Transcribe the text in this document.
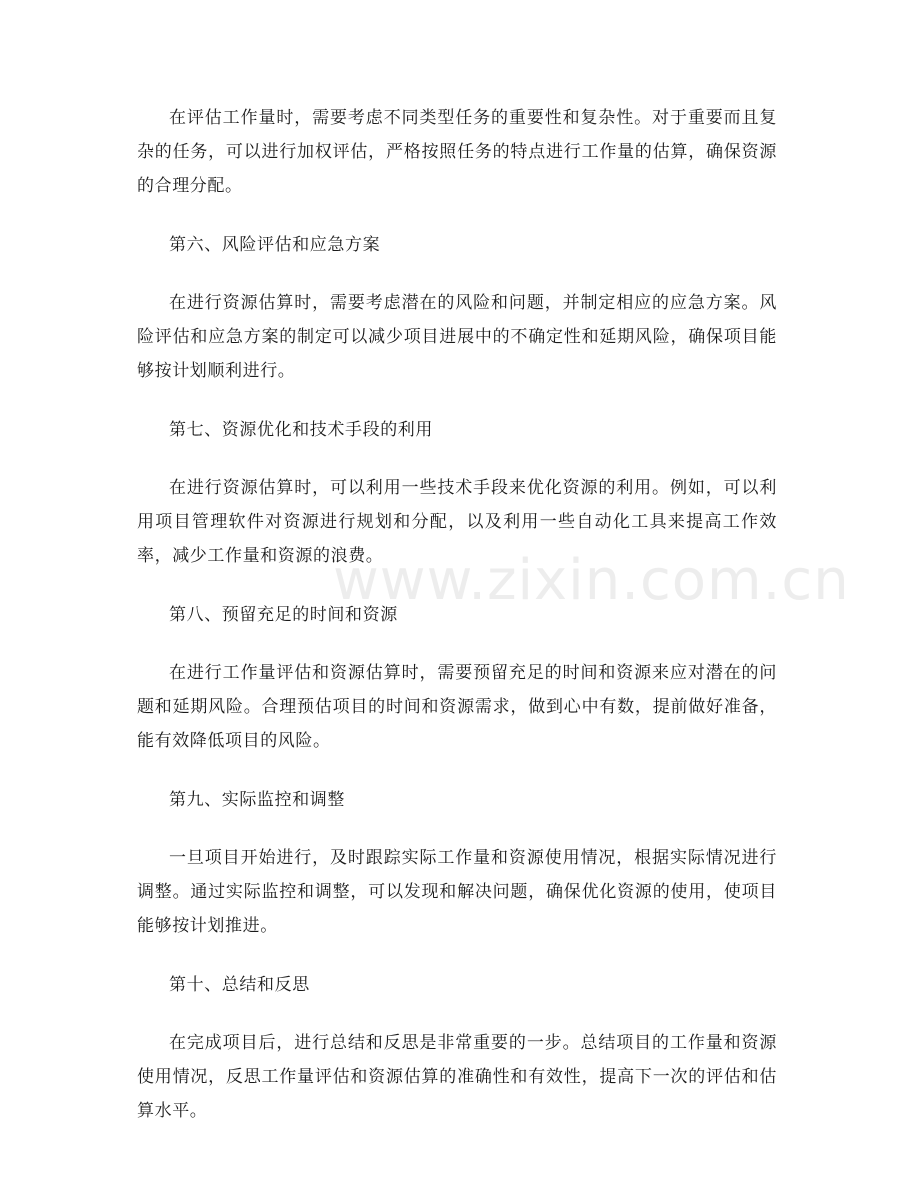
在评估工作量时，需要考虑不同类型任务的重要性和复杂性。对于重要而且复杂的任务，可以进行加权评估，严格按照任务的特点进行工作量的估算，确保资源的合理分配。

第六、风险评估和应急方案

在进行资源估算时，需要考虑潜在的风险和问题，并制定相应的应急方案。风险评估和应急方案的制定可以减少项目进展中的不确定性和延期风险，确保项目能够按计划顺利进行。

第七、资源优化和技术手段的利用

在进行资源估算时，可以利用一些技术手段来优化资源的利用。例如，可以利用项目管理软件对资源进行规划和分配，以及利用一些自动化工具来提高工作效率，减少工作量和资源的浪费。

第八、预留充足的时间和资源

在进行工作量评估和资源估算时，需要预留充足的时间和资源来应对潜在的问题和延期风险。合理预估项目的时间和资源需求，做到心中有数，提前做好准备，能有效降低项目的风险。

第九、实际监控和调整

一旦项目开始进行，及时跟踪实际工作量和资源使用情况，根据实际情况进行调整。通过实际监控和调整，可以发现和解决问题，确保优化资源的使用，使项目能够按计划推进。

第十、总结和反思

在完成项目后，进行总结和反思是非常重要的一步。总结项目的工作量和资源使用情况，反思工作量评估和资源估算的准确性和有效性，提高下一次的评估和估算水平。

www.zixin.com.cn
